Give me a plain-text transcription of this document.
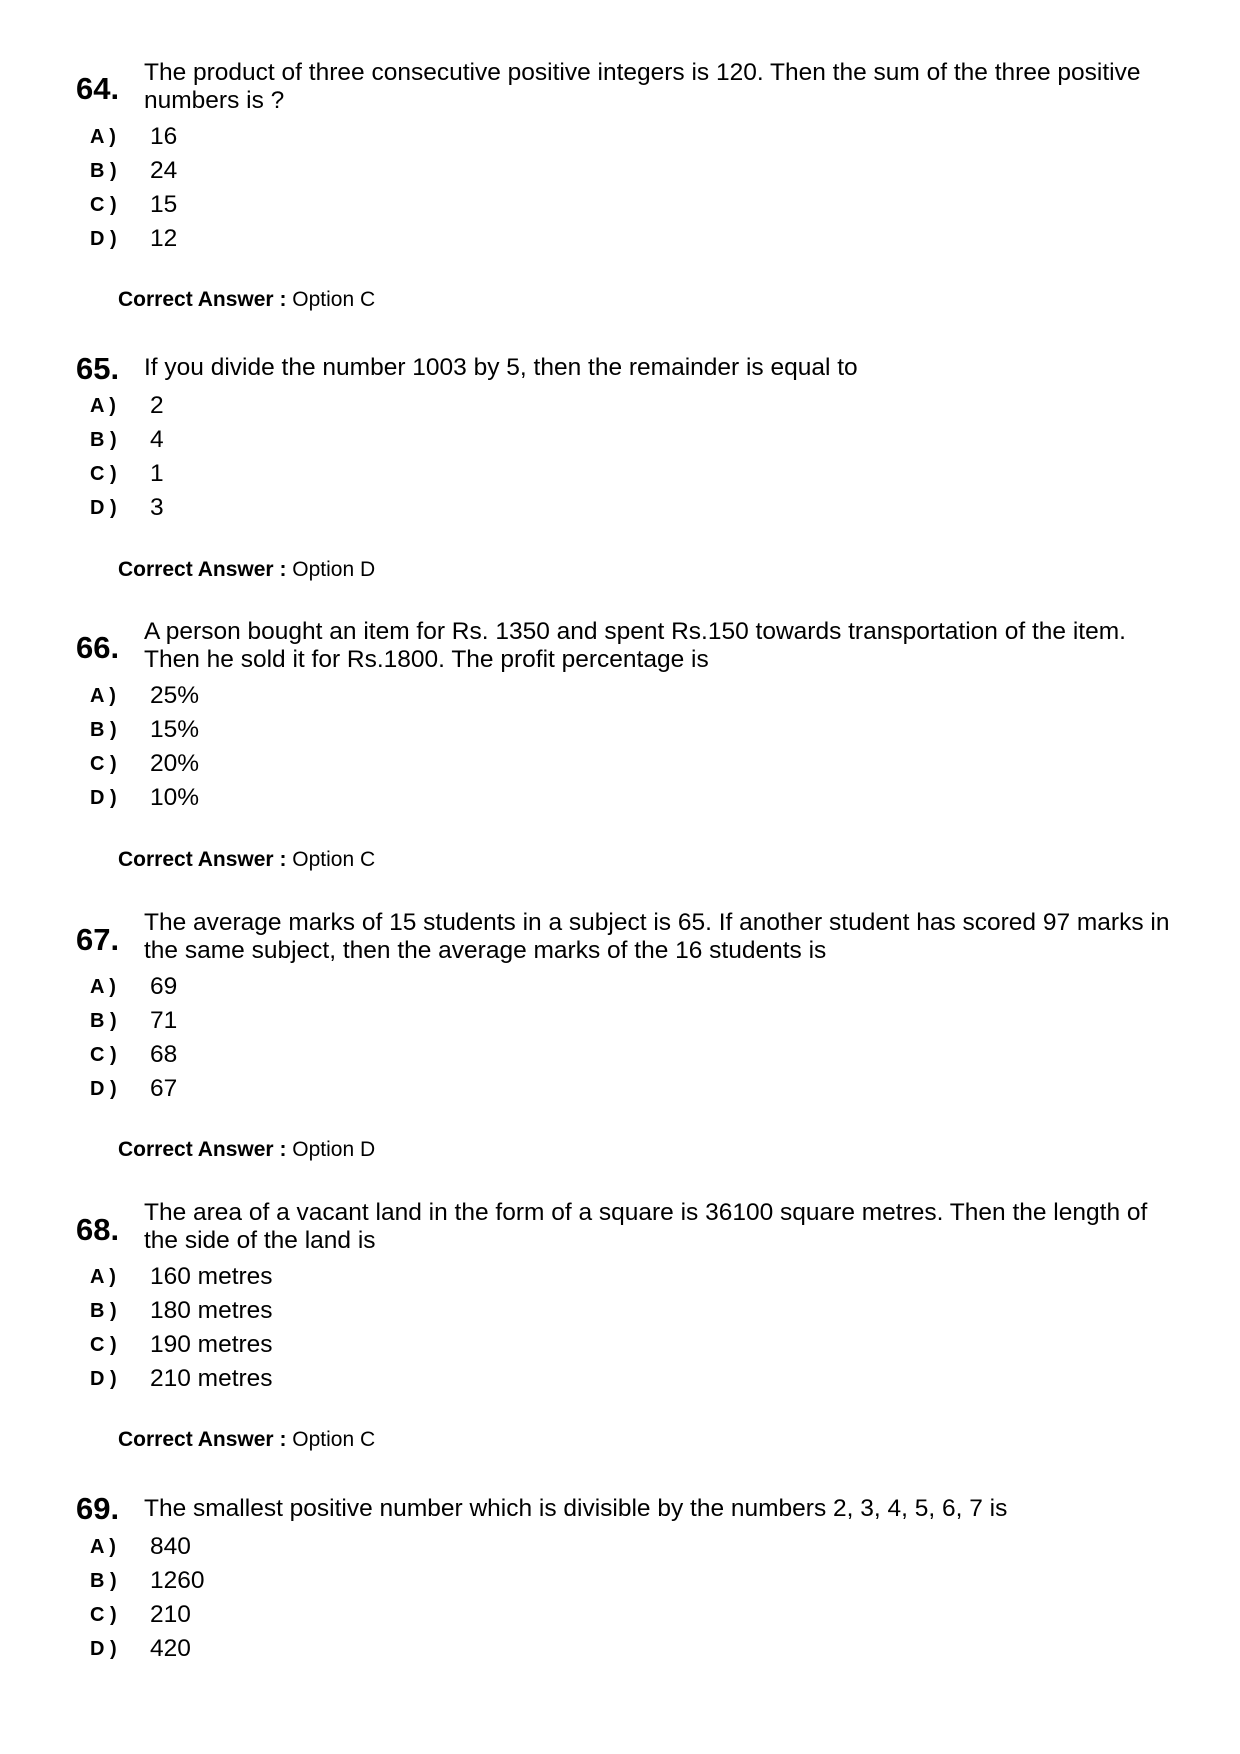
64. The product of three consecutive positive integers is 120. Then the sum of the three positive numbers is ?
A ) 16
B ) 24
C ) 15
D ) 12
Correct Answer : Option C
65. If you divide the number 1003 by 5, then the remainder is equal to
A ) 2
B ) 4
C ) 1
D ) 3
Correct Answer : Option D
66. A person bought an item for Rs. 1350 and spent Rs.150 towards transportation of the item. Then he sold it for Rs.1800. The profit percentage is
A ) 25%
B ) 15%
C ) 20%
D ) 10%
Correct Answer : Option C
67. The average marks of 15 students in a subject is 65. If another student has scored 97 marks in the same subject, then the average marks of the 16 students is
A ) 69
B ) 71
C ) 68
D ) 67
Correct Answer : Option D
68. The area of a vacant land in the form of a square is 36100 square metres. Then the length of the side of the land is
A ) 160 metres
B ) 180 metres
C ) 190 metres
D ) 210 metres
Correct Answer : Option C
69. The smallest positive number which is divisible by the numbers 2, 3, 4, 5, 6, 7 is
A ) 840
B ) 1260
C ) 210
D ) 420
